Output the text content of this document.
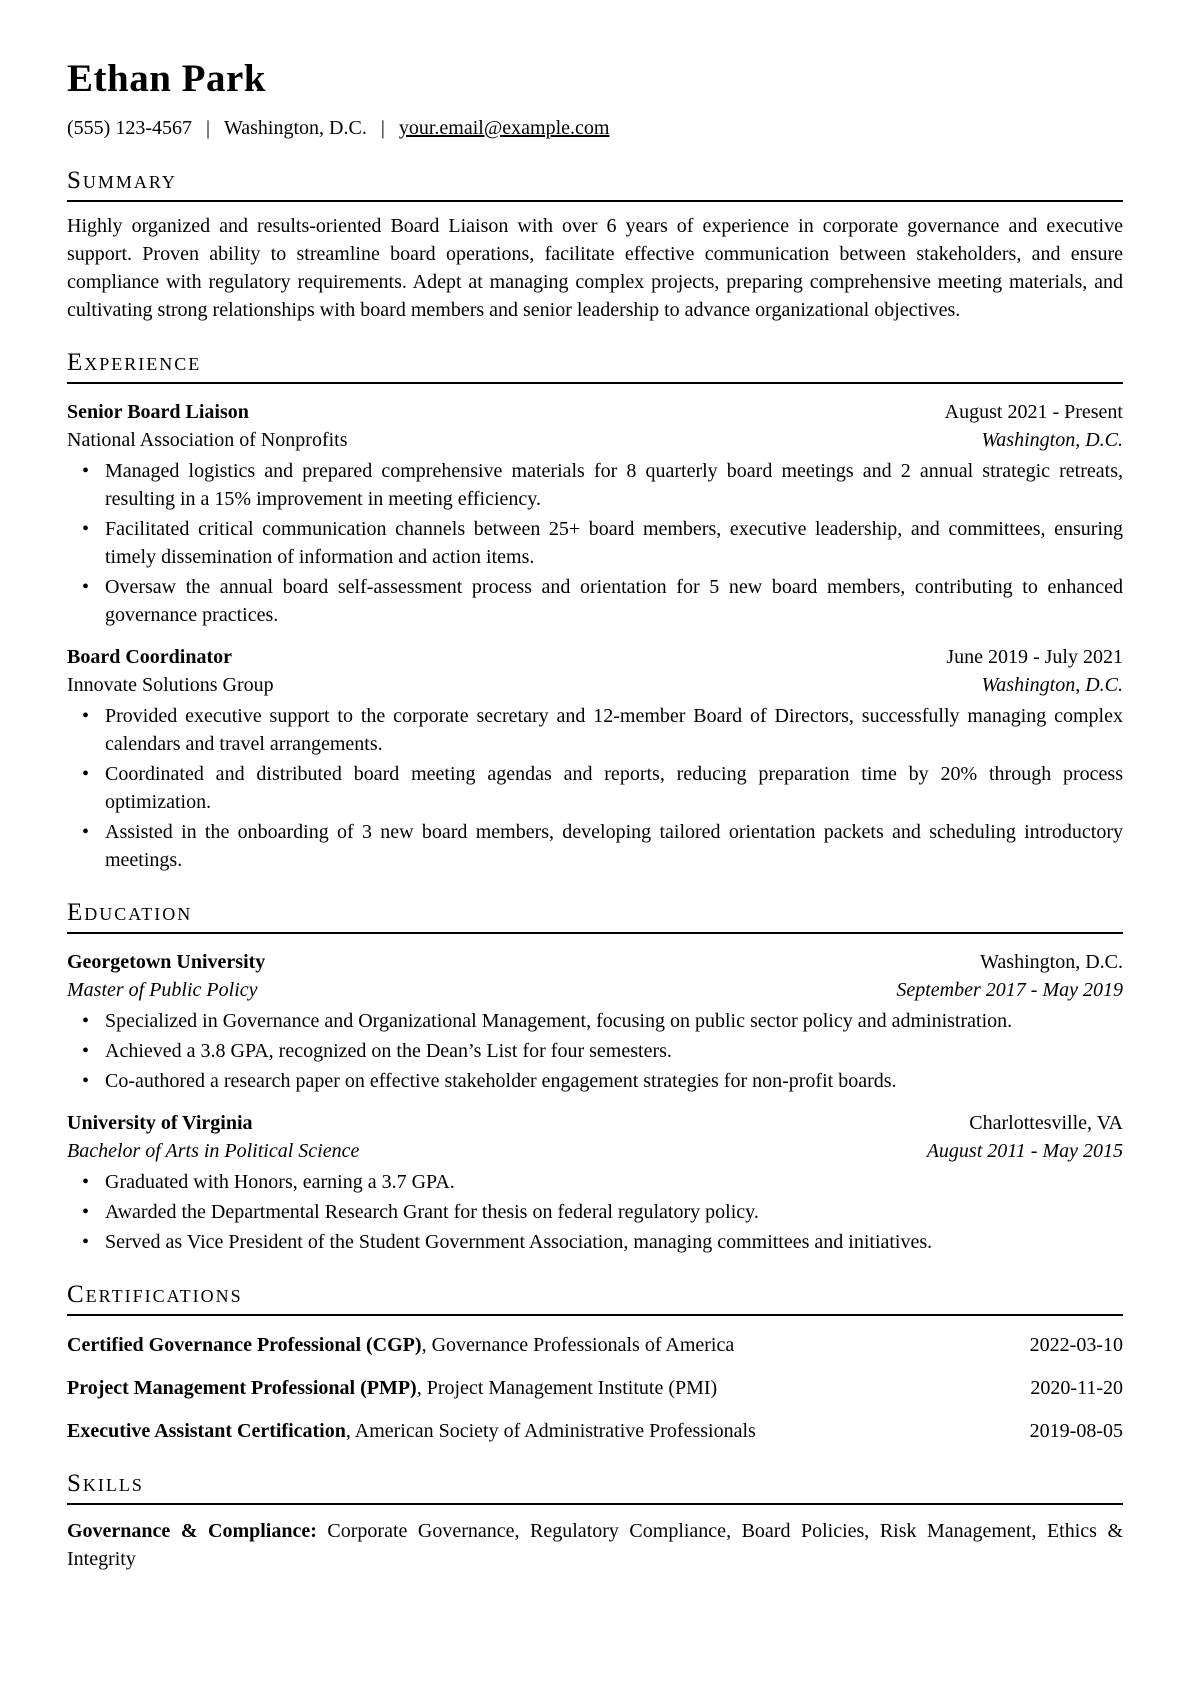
Ethan Park
(555) 123-4567 | Washington, D.C. | your.email@example.com
Summary
Highly organized and results-oriented Board Liaison with over 6 years of experience in corporate governance and executive support. Proven ability to streamline board operations, facilitate effective communication between stakeholders, and ensure compliance with regulatory requirements. Adept at managing complex projects, preparing comprehensive meeting materials, and cultivating strong relationships with board members and senior leadership to advance organizational objectives.
Experience
Senior Board Liaison	August 2021 - Present
National Association of Nonprofits	Washington, D.C.
• Managed logistics and prepared comprehensive materials for 8 quarterly board meetings and 2 annual strategic retreats, resulting in a 15% improvement in meeting efficiency.
• Facilitated critical communication channels between 25+ board members, executive leadership, and committees, ensuring timely dissemination of information and action items.
• Oversaw the annual board self-assessment process and orientation for 5 new board members, contributing to enhanced governance practices.
Board Coordinator	June 2019 - July 2021
Innovate Solutions Group	Washington, D.C.
• Provided executive support to the corporate secretary and 12-member Board of Directors, successfully managing complex calendars and travel arrangements.
• Coordinated and distributed board meeting agendas and reports, reducing preparation time by 20% through process optimization.
• Assisted in the onboarding of 3 new board members, developing tailored orientation packets and scheduling introductory meetings.
Education
Georgetown University	Washington, D.C.
Master of Public Policy	September 2017 - May 2019
• Specialized in Governance and Organizational Management, focusing on public sector policy and administration.
• Achieved a 3.8 GPA, recognized on the Dean’s List for four semesters.
• Co-authored a research paper on effective stakeholder engagement strategies for non-profit boards.
University of Virginia	Charlottesville, VA
Bachelor of Arts in Political Science	August 2011 - May 2015
• Graduated with Honors, earning a 3.7 GPA.
• Awarded the Departmental Research Grant for thesis on federal regulatory policy.
• Served as Vice President of the Student Government Association, managing committees and initiatives.
Certifications
Certified Governance Professional (CGP), Governance Professionals of America	2022-03-10
Project Management Professional (PMP), Project Management Institute (PMI)	2020-11-20
Executive Assistant Certification, American Society of Administrative Professionals	2019-08-05
Skills
Governance & Compliance: Corporate Governance, Regulatory Compliance, Board Policies, Risk Management, Ethics & Integrity
